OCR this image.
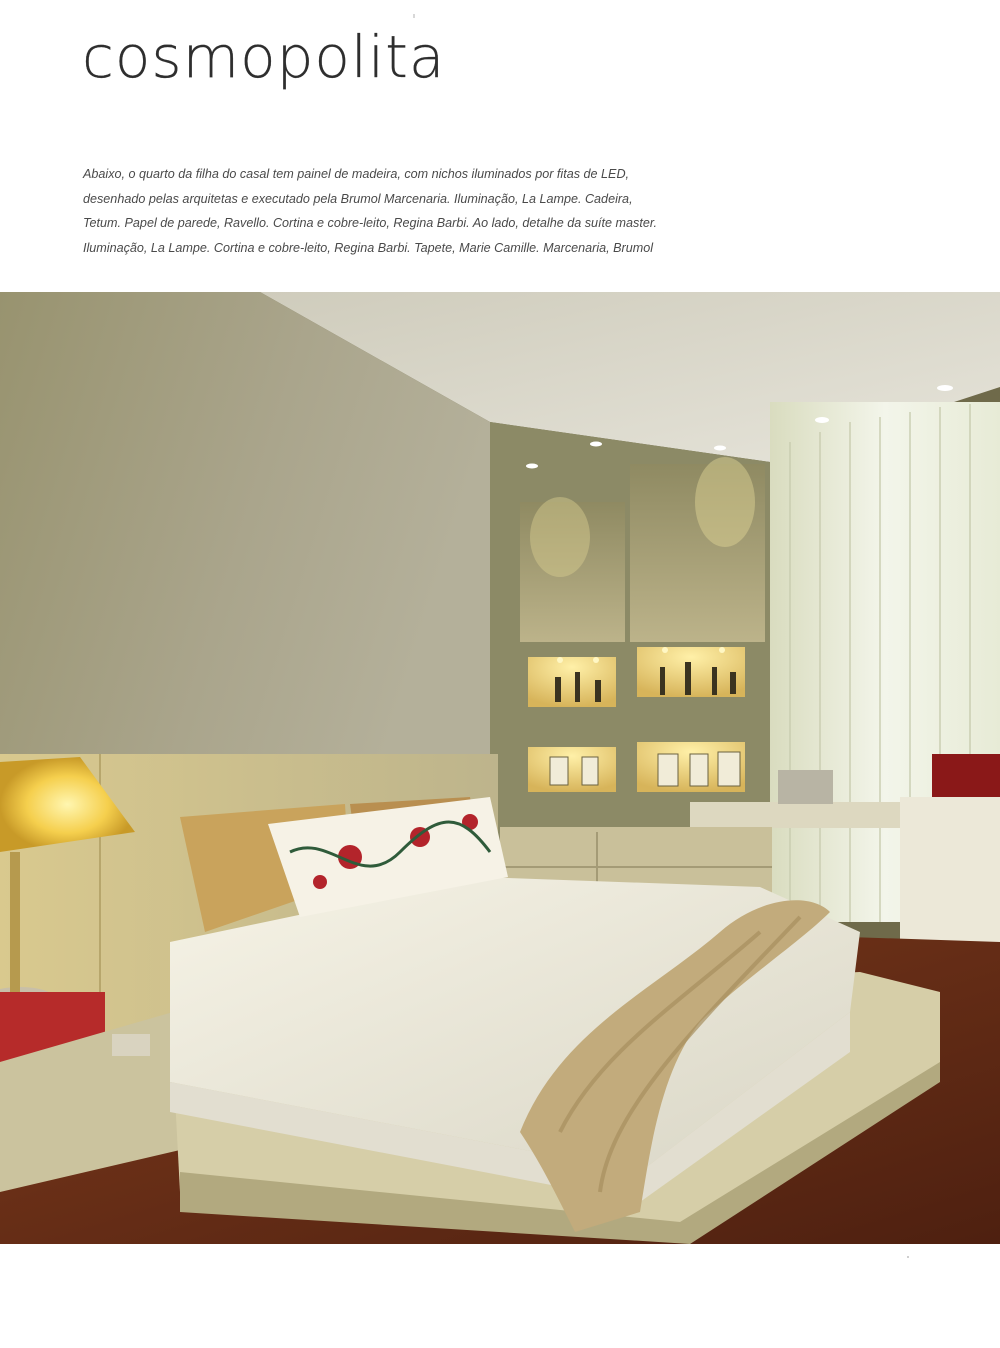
cosmopolita

Abaixo, o quarto da filha do casal tem painel de madeira, com nichos iluminados por fitas de LED,
desenhado pelas arquitetas e executado pela Brumol Marcenaria. Iluminação, La Lampe. Cadeira,
Tetum. Papel de parede, Ravello. Cortina e cobre-leito, Regina Barbi. Ao lado, detalhe da suíte master.
Iluminação, La Lampe. Cortina e cobre-leito, Regina Barbi. Tapete, Marie Camille. Marcenaria, Brumol
